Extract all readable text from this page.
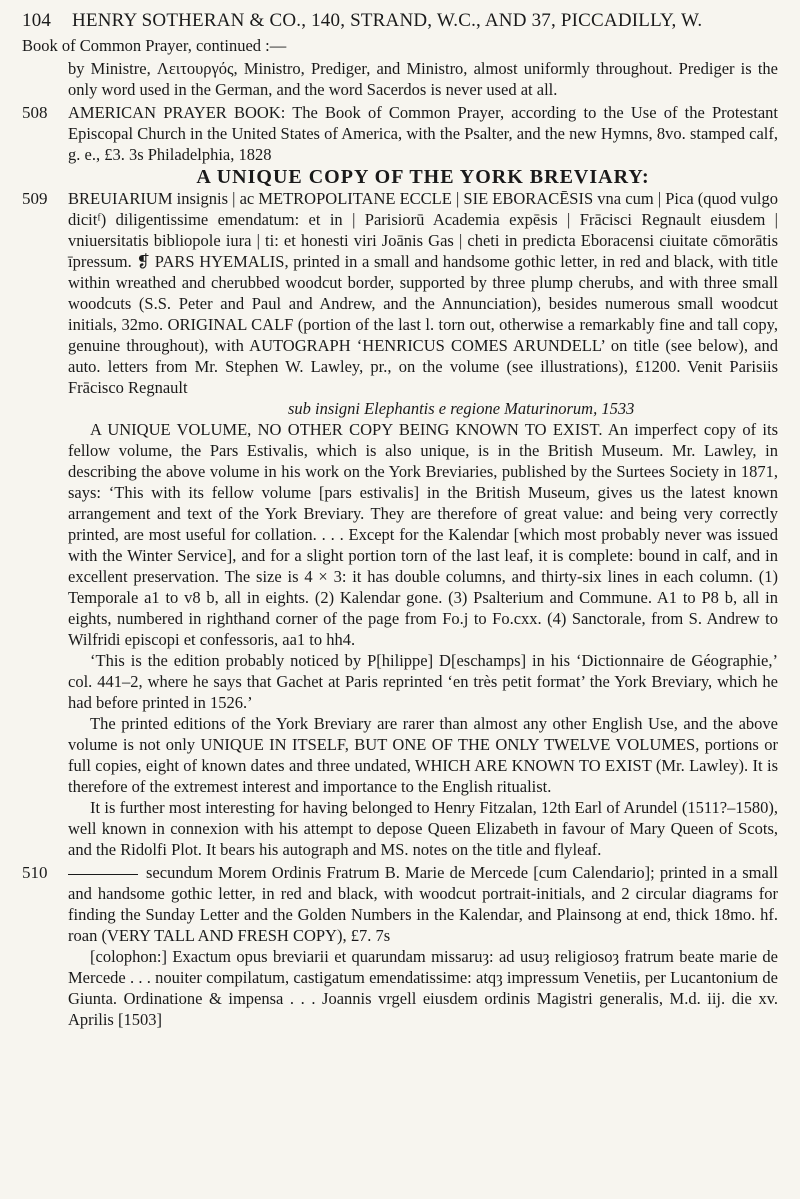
104	HENRY SOTHERAN & CO., 140, STRAND, W.C., AND 37, PICCADILLY, W.
Book of Common Prayer, continued :—

by Ministre, Λειτουργός, Ministro, Prediger, and Ministro, almost uniformly throughout. Prediger is the only word used in the German, and the word Sacerdos is never used at all.

508	AMERICAN PRAYER BOOK: The Book of Common Prayer, according to the Use of the Protestant Episcopal Church in the United States of America, with the Psalter, and the new Hymns, 8vo. stamped calf, g. e., £3. 3s Philadelphia, 1828

A UNIQUE COPY OF THE YORK BREVIARY:
509	BREUIARIUM insignis | ac METROPOLITANE ECCLE | SIE EBORACĒSIS vna cum | Pica (quod vulgo dicitᶠ) diligentissime emendatum: et in | Parisiorū Academia expēsis | Frācisci Regnault eiusdem | vniuersitatis bibliopole iura | ti: et honesti viri Joānis Gas | cheti in predicta Eboracensi ciuitate cōmorātis īpressum. ❡ PARS HYEMALIS, printed in a small and handsome gothic letter, in red and black, with title within wreathed and cherubbed woodcut border, supported by three plump cherubs, and with three small woodcuts (S.S. Peter and Paul and Andrew, and the Annunciation), besides numerous small woodcut initials, 32mo. ORIGINAL CALF (portion of the last l. torn out, otherwise a remarkably fine and tall copy, genuine throughout), with AUTOGRAPH ‘HENRICUS COMES ARUNDELL’ on title (see below), and auto. letters from Mr. Stephen W. Lawley, pr., on the volume (see illustrations), £1200. Venit Parisiis Frācisco Regnault

sub insigni Elephantis e regione Maturinorum, 1533

A UNIQUE VOLUME, NO OTHER COPY BEING KNOWN TO EXIST. An imperfect copy of its fellow volume, the Pars Estivalis, which is also unique, is in the British Museum. Mr. Lawley, in describing the above volume in his work on the York Breviaries, published by the Surtees Society in 1871, says: ‘This with its fellow volume [pars estivalis] in the British Museum, gives us the latest known arrangement and text of the York Breviary. They are therefore of great value: and being very correctly printed, are most useful for collation. . . . Except for the Kalendar [which most probably never was issued with the Winter Service], and for a slight portion torn of the last leaf, it is complete: bound in calf, and in excellent preservation. The size is 4 × 3: it has double columns, and thirty-six lines in each column. (1) Temporale a1 to v8 b, all in eights. (2) Kalendar gone. (3) Psalterium and Commune. A1 to P8 b, all in eights, numbered in righthand corner of the page from Fo.j to Fo.cxx. (4) Sanctorale, from S. Andrew to Wilfridi episcopi et confessoris, aa1 to hh4.

‘This is the edition probably noticed by P[hilippe] D[eschamps] in his ‘Dictionnaire de Géographie,’ col. 441–2, where he says that Gachet at Paris reprinted ‘en très petit format’ the York Breviary, which he had before printed in 1526.’

The printed editions of the York Breviary are rarer than almost any other English Use, and the above volume is not only UNIQUE IN ITSELF, BUT ONE OF THE ONLY TWELVE VOLUMES, portions or full copies, eight of known dates and three undated, WHICH ARE KNOWN TO EXIST (Mr. Lawley). It is therefore of the extremest interest and importance to the English ritualist.

It is further most interesting for having belonged to Henry Fitzalan, 12th Earl of Arundel (1511?–1580), well known in connexion with his attempt to depose Queen Elizabeth in favour of Mary Queen of Scots, and the Ridolfi Plot. It bears his autograph and MS. notes on the title and flyleaf.

510	secundum Morem Ordinis Fratrum B. Marie de Mercede [cum Calendario]; printed in a small and handsome gothic letter, in red and black, with woodcut portrait-initials, and 2 circular diagrams for finding the Sunday Letter and the Golden Numbers in the Kalendar, and Plainsong at end, thick 18mo. hf. roan (VERY TALL AND FRESH COPY), £7. 7s

[colophon:] Exactum opus breviarii et quarundam missaruȝ: ad usuȝ religiosoȝ fratrum beate marie de Mercede . . . nouiter compilatum, castigatum emendatissime: atqȝ impressum Venetiis, per Lucantonium de Giunta. Ordinatione & impensa . . . Joannis vrgell eiusdem ordinis Magistri generalis, M.d. iij. die xv. Aprilis [1503]
